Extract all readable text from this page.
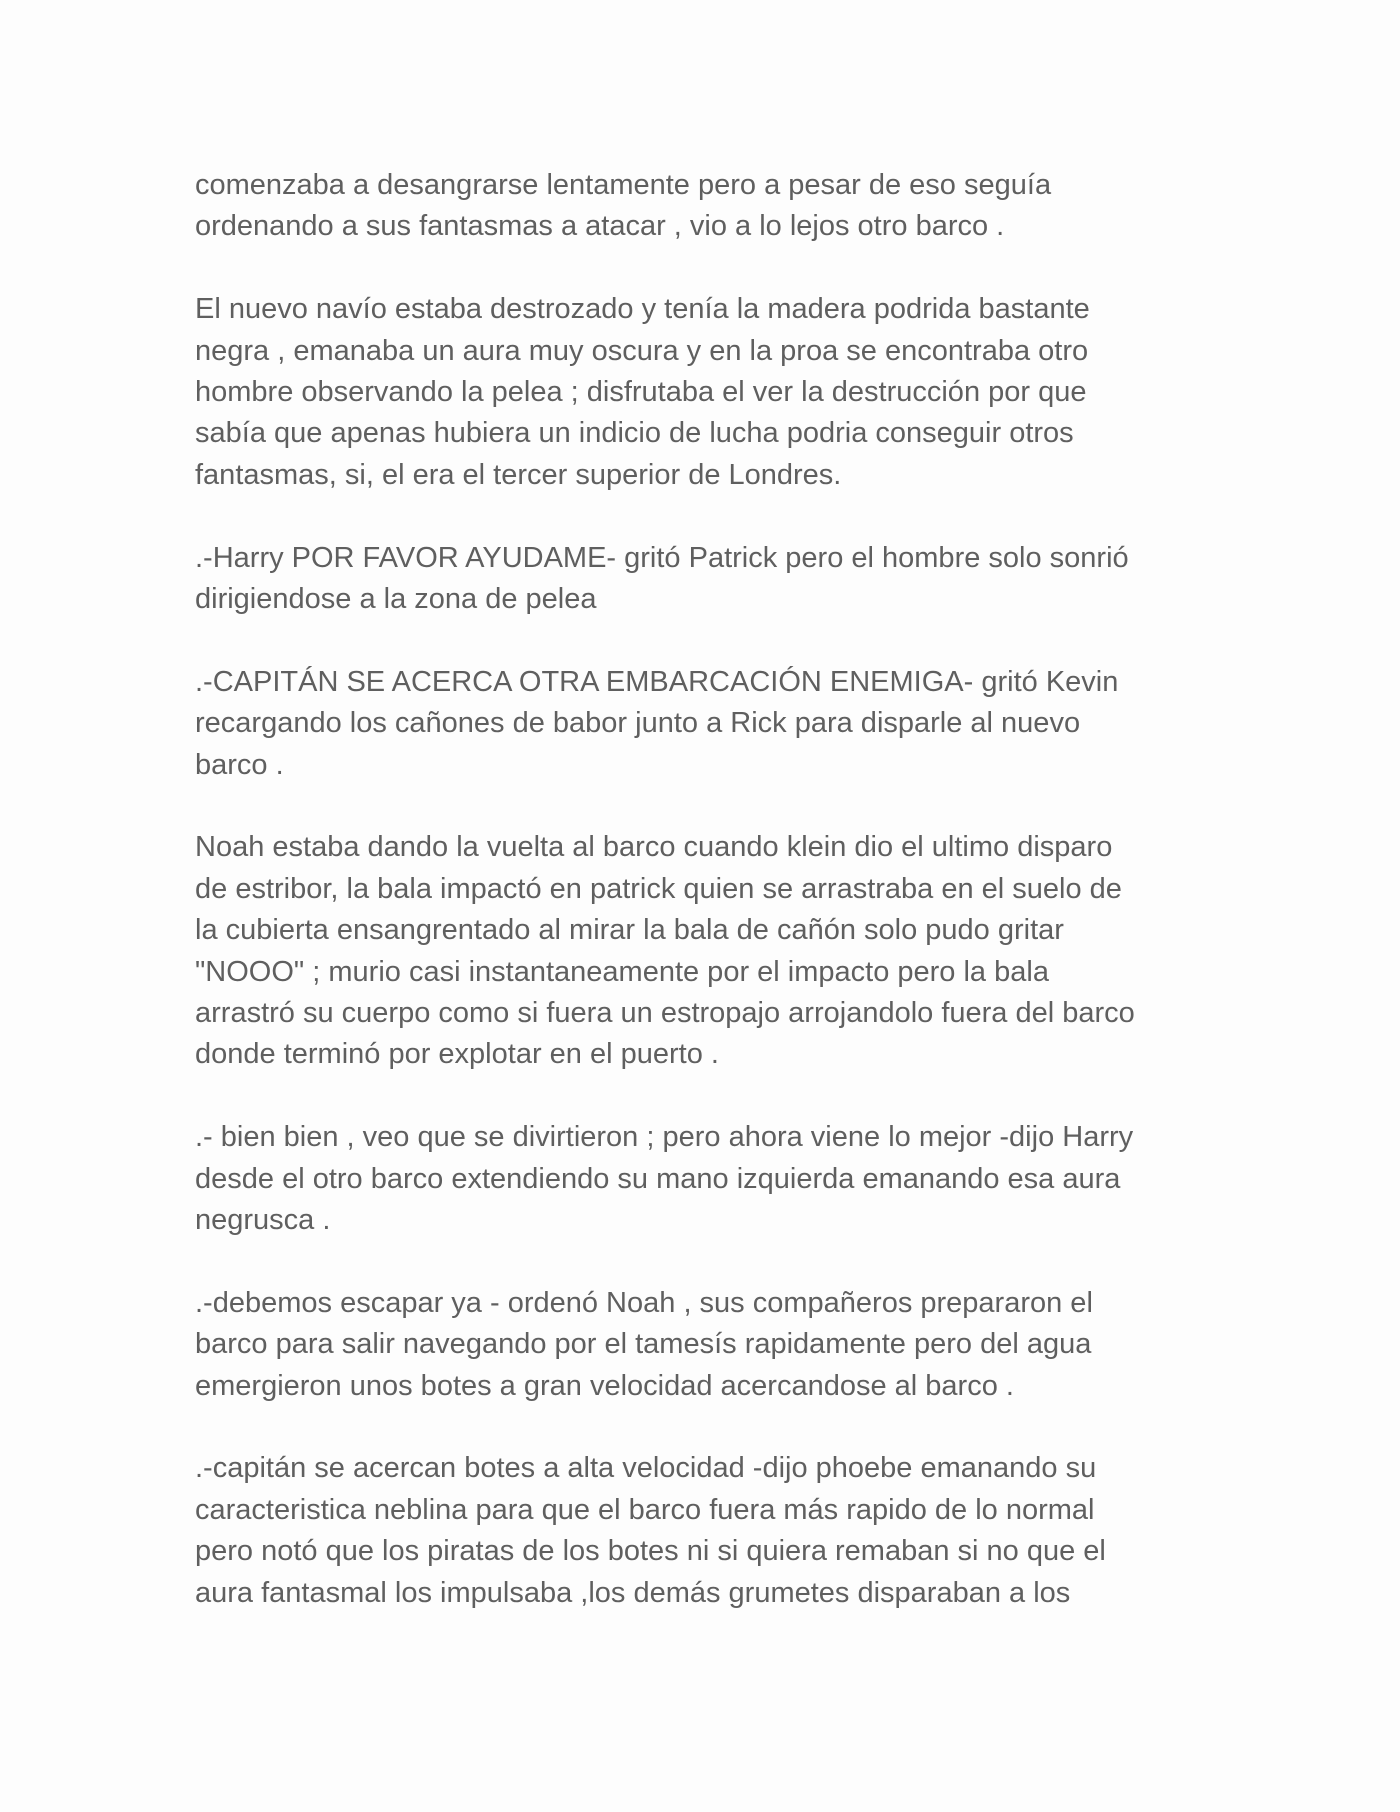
comenzaba a desangrarse lentamente pero a pesar de eso seguía
ordenando a sus fantasmas a atacar , vio a lo lejos otro barco .

El nuevo navío estaba destrozado y tenía la madera podrida bastante
negra , emanaba un aura muy oscura y en la proa se encontraba otro
hombre observando la pelea ; disfrutaba el ver la destrucción por que
sabía que apenas hubiera un indicio de lucha podria conseguir otros
fantasmas, si, el era el tercer superior de Londres.

.-Harry POR FAVOR AYUDAME- gritó Patrick pero el hombre solo sonrió
dirigiendose a la zona de pelea

.-CAPITÁN SE ACERCA OTRA EMBARCACIÓN ENEMIGA- gritó Kevin
recargando los cañones de babor junto a Rick para disparle al nuevo
barco .

Noah estaba dando la vuelta al barco cuando klein dio el ultimo disparo
de estribor, la bala impactó en patrick quien se arrastraba en el suelo de
la cubierta ensangrentado al mirar la bala de cañón solo pudo gritar
"NOOO" ; murio casi instantaneamente por el impacto pero la bala
arrastró su cuerpo como si fuera un estropajo arrojandolo fuera del barco
donde terminó por explotar en el puerto .

.- bien bien , veo que se divirtieron ; pero ahora viene lo mejor -dijo Harry
desde el otro barco extendiendo su mano izquierda emanando esa aura
negrusca .

.-debemos escapar ya - ordenó Noah , sus compañeros prepararon el
barco para salir navegando por el tamesís rapidamente pero del agua
emergieron unos botes a gran velocidad acercandose al barco .

.-capitán se acercan botes a alta velocidad -dijo phoebe emanando su
caracteristica neblina para que el barco fuera más rapido de lo normal
pero notó que los piratas de los botes ni si quiera remaban si no que el
aura fantasmal los impulsaba ,los demás grumetes disparaban a los
